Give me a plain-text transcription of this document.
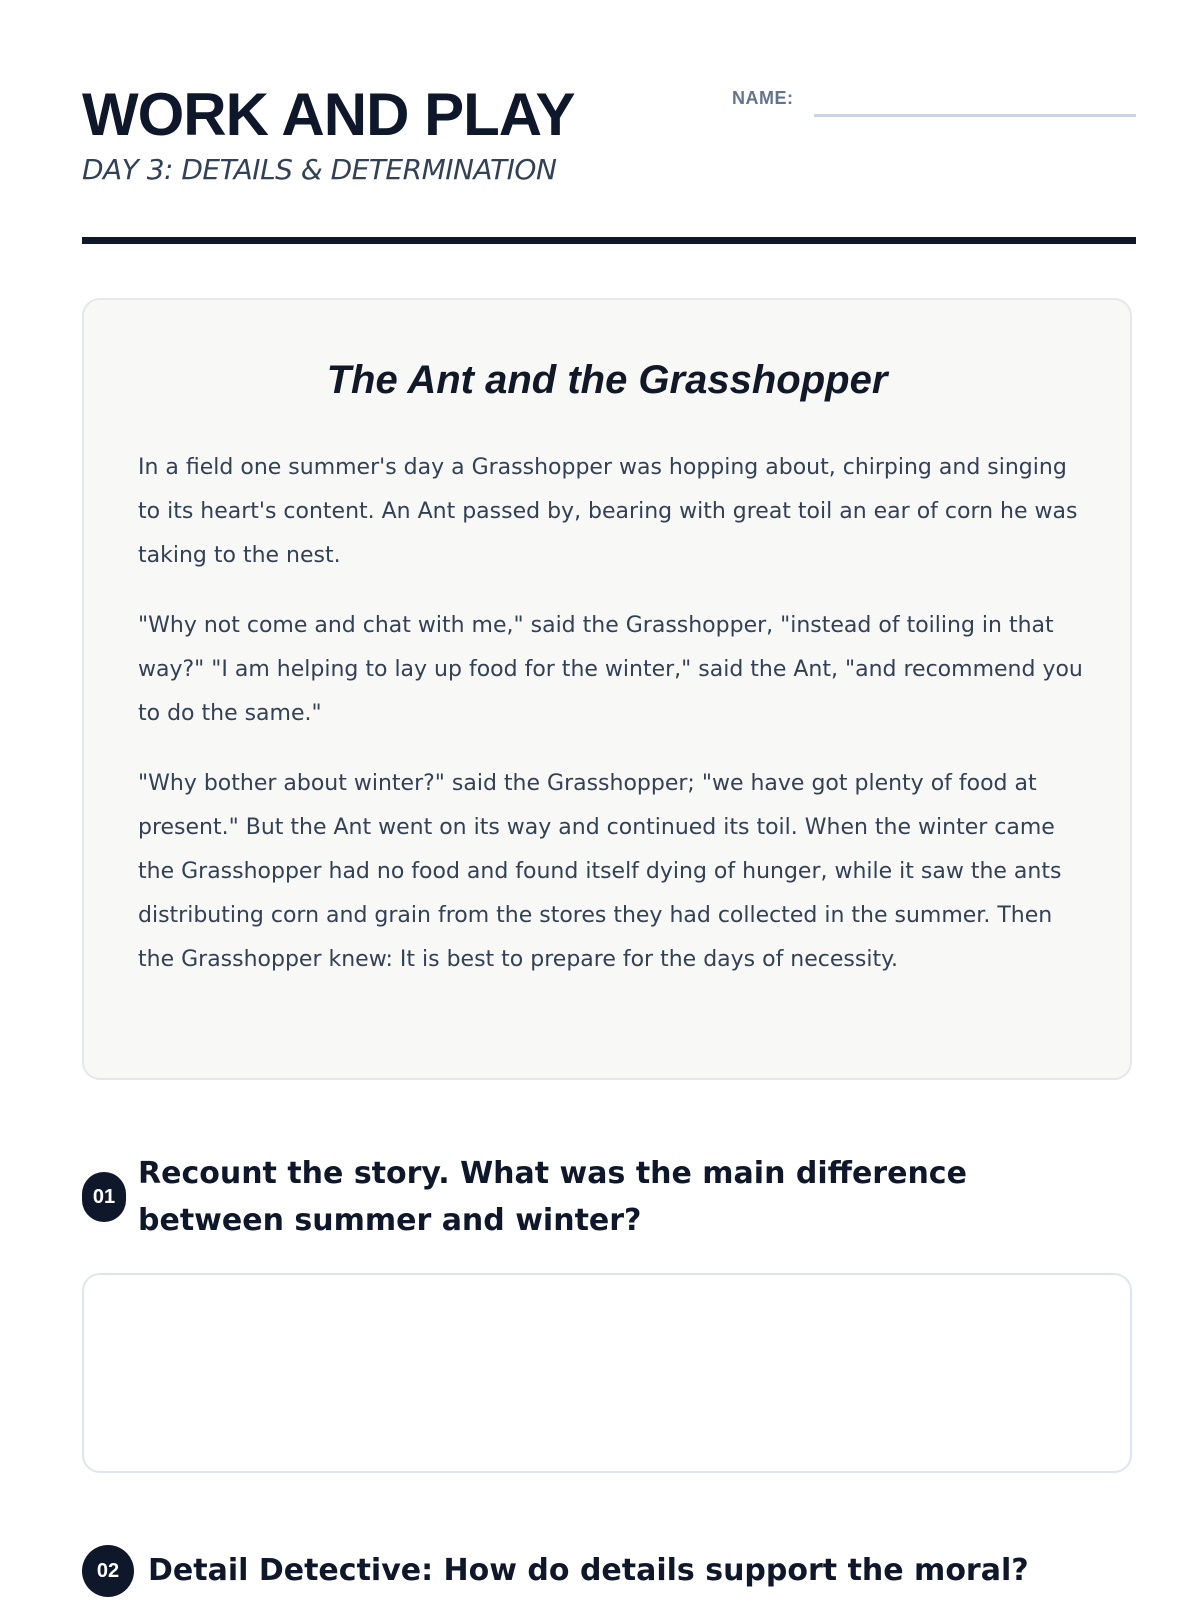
WORK AND PLAY
DAY 3: DETAILS & DETERMINATION
NAME:
The Ant and the Grasshopper

In a field one summer's day a Grasshopper was hopping about, chirping and singing to its heart's content. An Ant passed by, bearing with great toil an ear of corn he was taking to the nest.

"Why not come and chat with me," said the Grasshopper, "instead of toiling in that way?" "I am helping to lay up food for the winter," said the Ant, "and recommend you to do the same."

"Why bother about winter?" said the Grasshopper; "we have got plenty of food at present." But the Ant went on its way and continued its toil. When the winter came the Grasshopper had no food and found itself dying of hunger, while it saw the ants distributing corn and grain from the stores they had collected in the summer. Then the Grasshopper knew: It is best to prepare for the days of necessity.

01
Recount the story. What was the main difference between summer and winter?
02 Detail Detective: How do details support the moral?
